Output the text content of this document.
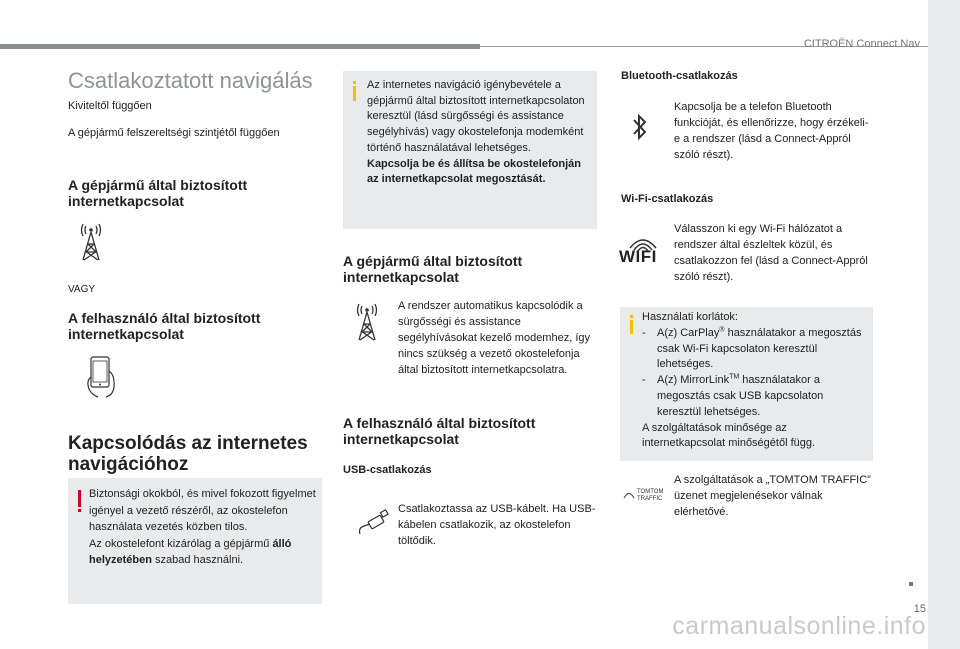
CITROËN Connect Nav
15
carmanualsonline.info
Csatlakoztatott navigálás
Kiviteltől függően
A gépjármű felszereltségi szintjétől függően
A gépjármű által biztosított internetkapcsolat
VAGY
A felhasználó által biztosított internetkapcsolat
Kapcsolódás az internetes navigációhoz
Biztonsági okokból, és mivel fokozott figyelmet igényel a vezető részéről, az okostelefon használata vezetés közben tilos.
Az okostelefont kizárólag a gépjármű álló helyzetében szabad használni.
Az internetes navigáció igénybevétele a gépjármű által biztosított internetkapcsolaton keresztül (lásd sürgősségi és assistance segélyhívás) vagy okostelefonja modemként történő használatával lehetséges.
Kapcsolja be és állítsa be okostelefonján az internetkapcsolat megosztását.
A gépjármű által biztosított internetkapcsolat
A rendszer automatikus kapcsolódik a sürgősségi és assistance segélyhívásokat kezelő modemhez, így nincs szükség a vezető okostelefonja által biztosított internetkapcsolatra.
A felhasználó által biztosított internetkapcsolat
USB-csatlakozás
Csatlakoztassa az USB-kábelt. Ha USB-kábelen csatlakozik, az okostelefon töltődik.
Bluetooth-csatlakozás
Kapcsolja be a telefon Bluetooth funkcióját, és ellenőrizze, hogy érzékeli-e a rendszer (lásd a Connect-Appról szóló részt).
Wi-Fi-csatlakozás
WIFI
Válasszon ki egy Wi-Fi hálózatot a rendszer által észleltek közül, és csatlakozzon fel (lásd a Connect-Appról szóló részt).
Használati korlátok:
- A(z) CarPlay® használatakor a megosztás csak Wi-Fi kapcsolaton keresztül lehetséges.
- A(z) MirrorLink™ használatakor a megosztás csak USB kapcsolaton keresztül lehetséges.
A szolgáltatások minősége az internetkapcsolat minőségétől függ.
TOMTOM
TRAFFIC
A szolgáltatások a „TOMTOM TRAFFIC” üzenet megjelenésekor válnak elérhetővé.
